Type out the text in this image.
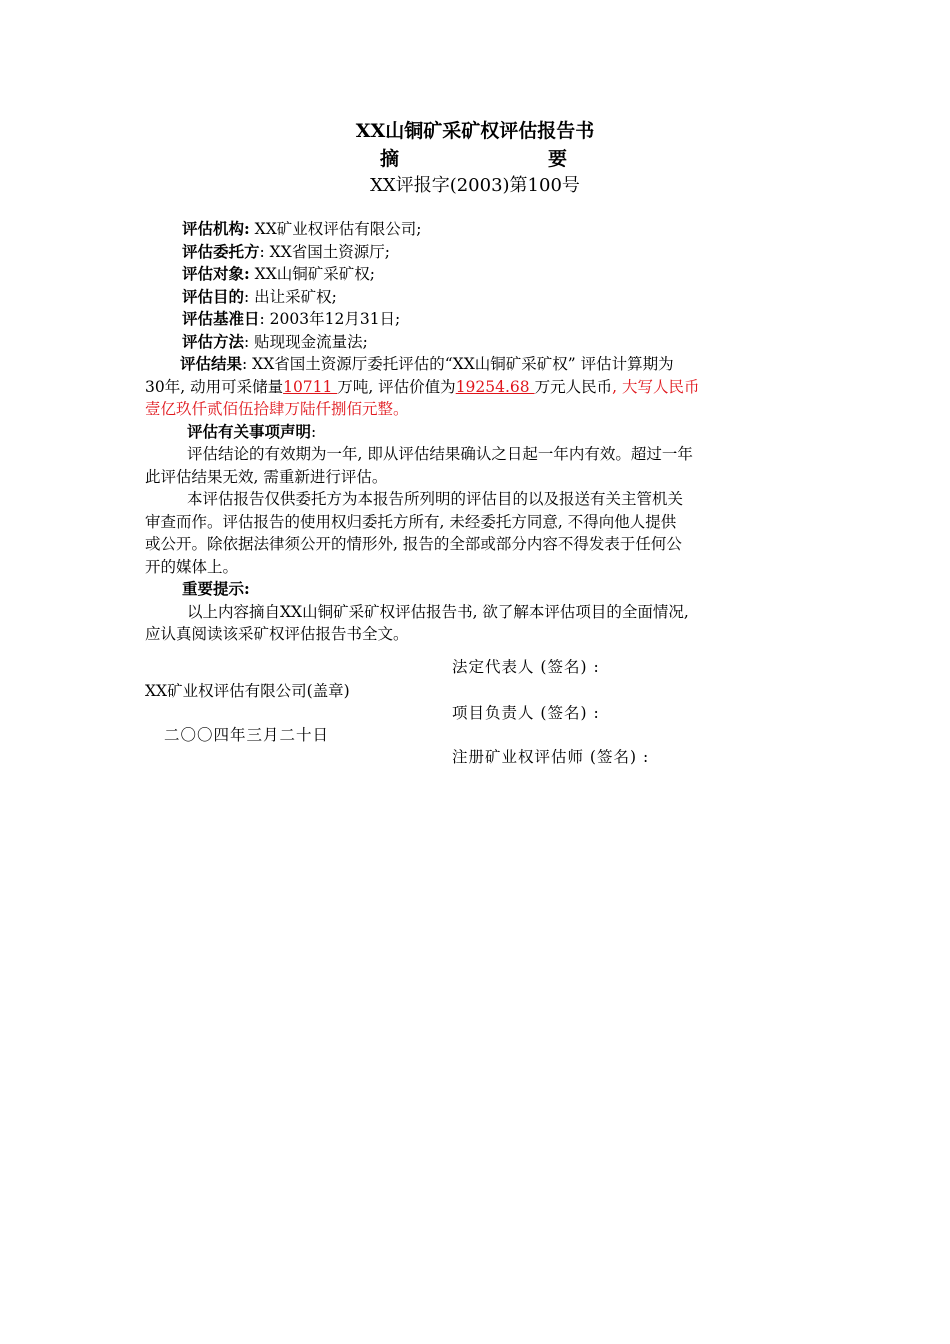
XX山铜矿采矿权评估报告书
摘	要
XX评报字(2003)第100号
评估机构: XX矿业权评估有限公司;
评估委托方: XX省国土资源厅;
评估对象: XX山铜矿采矿权;
评估目的: 出让采矿权;
评估基准日: 2003年12月31日;
评估方法: 贴现现金流量法;
评估结果: XX省国土资源厅委托评估的“XX山铜矿采矿权” 评估计算期为
30年, 动用可采储量10711 万吨, 评估价值为19254.68 万元人民币, 大写人民币
壹亿玖仟贰佰伍拾肆万陆仟捌佰元整。
评估有关事项声明:
评估结论的有效期为一年, 即从评估结果确认之日起一年内有效。超过一年
此评估结果无效, 需重新进行评估。
本评估报告仅供委托方为本报告所列明的评估目的以及报送有关主管机关
审查而作。评估报告的使用权归委托方所有, 未经委托方同意, 不得向他人提供
或公开。除依据法律须公开的情形外, 报告的全部或部分内容不得发表于任何公
开的媒体上。
重要提示:
以上内容摘自XX山铜矿采矿权评估报告书, 欲了解本评估项目的全面情况,
应认真阅读该采矿权评估报告书全文。
法定代表人 (签名) :
XX矿业权评估有限公司(盖章)
项目负责人 (签名) :
二〇〇四年三月二十日
注册矿业权评估师 (签名) :
